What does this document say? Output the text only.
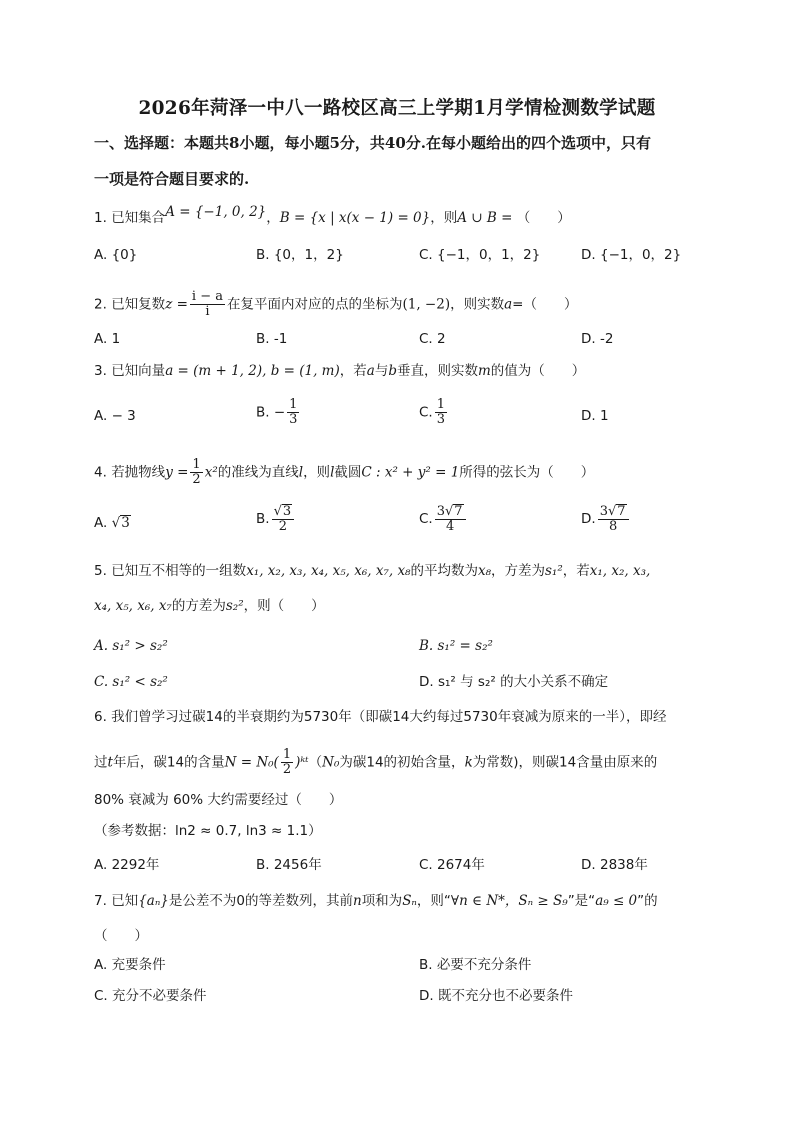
2026年菏泽一中八一路校区高三上学期1月学情检测数学试题
一、选择题：本题共8小题，每小题5分，共40分.在每小题给出的四个选项中，只有
一项是符合题目要求的.
1. 已知集合A = {−1, 0, 2}，B = {x | x(x − 1) = 0}，则A ∪ B = （　　）
A. {0}	B. {0，1，2}	C. {−1，0，1，2}	D. {−1，0，2}
2. 已知复数$z = \frac{i - a}{i}$ 在复平面内对应的点的坐标为(1, −2)，则实数a=（　　）
A. 1	B. -1	C. 2	D. -2
3. 已知向量a = (m + 1, 2), b = (1, m)，若a与b垂直，则实数m的值为（　　）
A. − 3	B. − $\frac{1}{3}$	C. $\frac{1}{3}$	D. 1
4. 若抛物线$y = \frac{1}{2} x^2$的准线为直线l，则l截圆C : x² + y² = 1所得的弦长为（　　）
A. √3	B. $\frac{√3}{2}$	C. $\frac{3√7}{4}$	D. $\frac{3√7}{8}$
5. 已知互不相等的一组数x₁, x₂, x₃, x₄, x₅, x₆, x₇, x₈的平均数为x₈，方差为s₁²，若x₁, x₂, x₃,
x₄, x₅, x₆, x₇的方差为s₂²，则（　　）
A. s₁² > s₂²	B. s₁² = s₂²
C. s₁² < s₂²	D. s₁² 与 s₂² 的大小关系不确定
6. 我们曾学习过碳14的半衰期约为5730年（即碳14大约每过5730年衰减为原来的一半），即经
过t年后，碳14的含量$N = N_0( \frac{1}{2}$ )ᵏᵗ（N₀为碳14的初始含量，k为常数)，则碳14含量由原来的
80% 衰减为 60% 大约需要经过（　　）
（参考数据：ln2 ≈ 0.7, ln3 ≈ 1.1）
A. 2292年	B. 2456年	C. 2674年	D. 2838年
7. 已知{aₙ}是公差不为0的等差数列，其前n项和为Sₙ，则“∀n ∈ N*，Sₙ ≥ S₉”是“a₉ ≤ 0”的
（　　）
A. 充要条件	B. 必要不充分条件
C. 充分不必要条件	D. 既不充分也不必要条件
